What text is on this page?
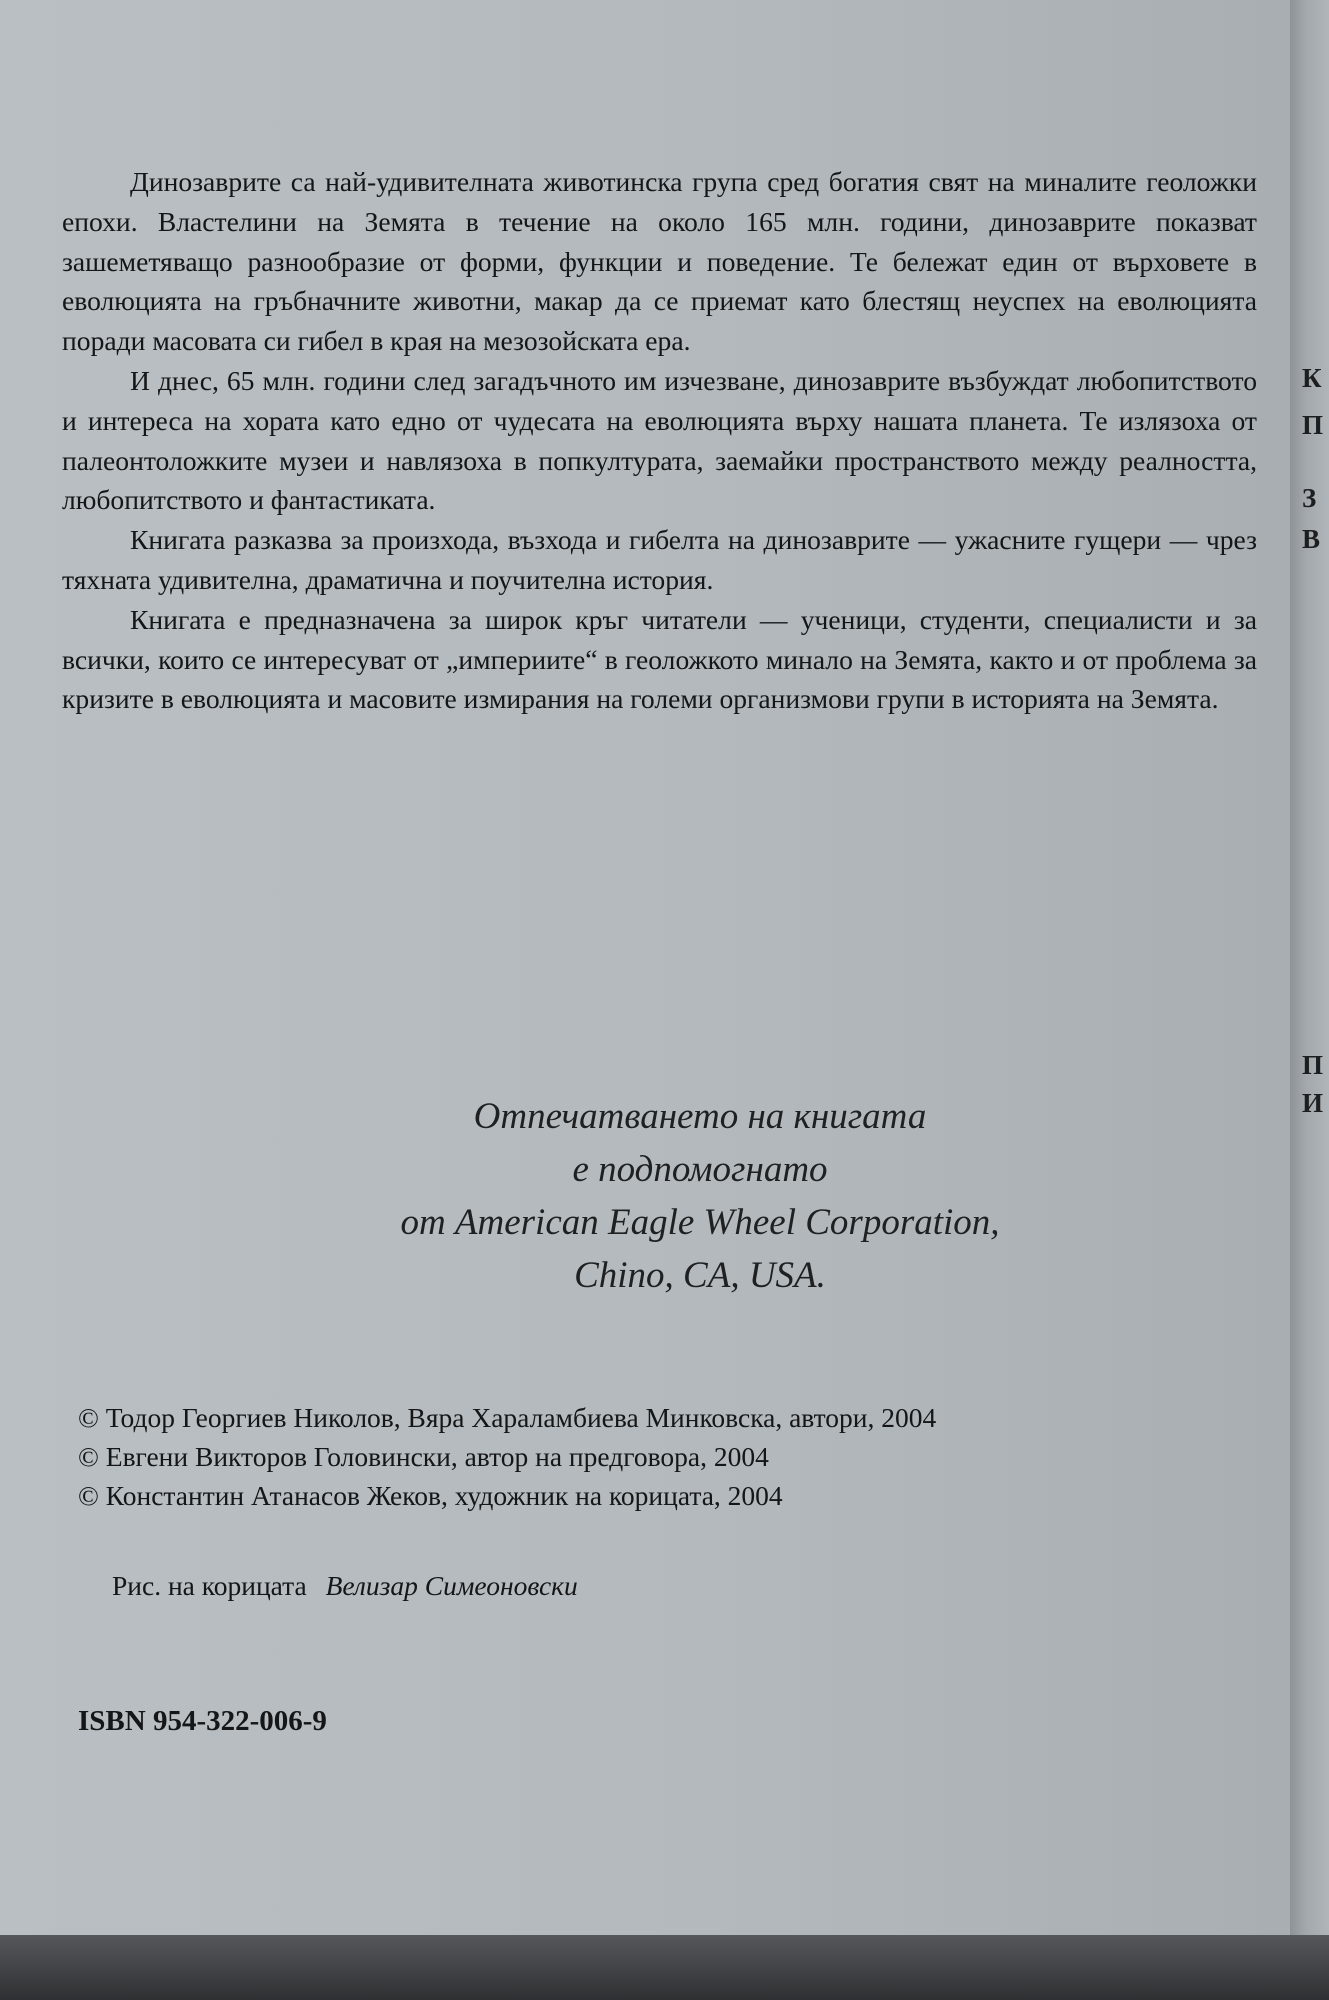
Динозаврите са най-удивителната животинска група сред богатия свят на миналите геоложки епохи. Властелини на Земята в течение на около 165 млн. години, динозаврите показват зашеметяващо разнообразие от форми, функции и поведение. Те бележат един от върховете в еволюцията на гръбначните животни, макар да се приемат като блестящ неуспех на еволюцията поради масовата си гибел в края на мезозойската ера.

И днес, 65 млн. години след загадъчното им изчезване, динозаврите възбуждат любопитството и интереса на хората като едно от чудесата на еволюцията върху нашата планета. Те излязоха от палеонтоложките музеи и навлязоха в попкултурата, заемайки пространството между реалността, любопитството и фантастиката.

Книгата разказва за произхода, възхода и гибелта на динозаврите — ужасните гущери — чрез тяхната удивителна, драматична и поучителна история.

Книгата е предназначена за широк кръг читатели — ученици, студенти, специалисти и за всички, които се интересуват от „империите“ в геоложкото минало на Земята, както и от проблема за кризите в еволюцията и масовите измирания на големи организмови групи в историята на Земята.

Отпечатването на книгата
е подпомогнато
от American Eagle Wheel Corporation,
Chino, CA, USA.
© Тодор Георгиев Николов, Вяра Хараламбиева Минковска, автори, 2004
© Евгени Викторов Головински, автор на предговора, 2004
© Константин Атанасов Жеков, художник на корицата, 2004
Рис. на корицата Велизар Симеоновски
ISBN 954-322-006-9
К
П
З
В
П
И
